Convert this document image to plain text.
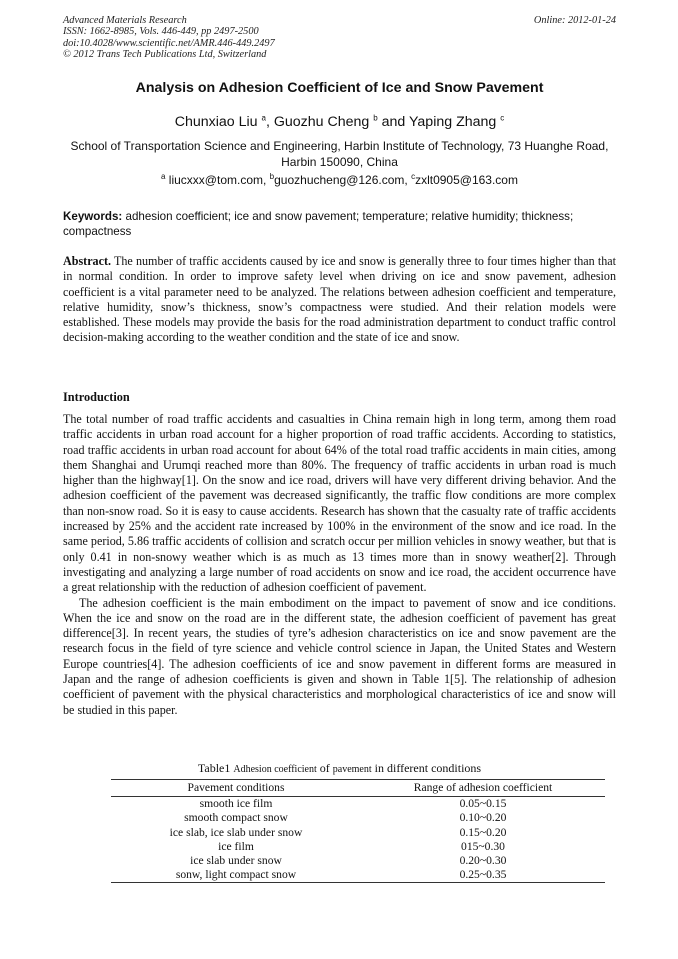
Advanced Materials Research
ISSN: 1662-8985, Vols. 446-449, pp 2497-2500
doi:10.4028/www.scientific.net/AMR.446-449.2497
© 2012 Trans Tech Publications Ltd, Switzerland
Online: 2012-01-24
Analysis on Adhesion Coefficient of Ice and Snow Pavement
Chunxiao Liu $^a$, Guozhu Cheng $^b$ and Yaping Zhang $^c$
School of Transportation Science and Engineering, Harbin Institute of Technology, 73 Huanghe Road, Harbin 150090, China
$^a$ liucxxx@tom.com, $^b$guozhucheng@126.com, $^c$zxlt0905@163.com
Keywords: adhesion coefficient; ice and snow pavement; temperature; relative humidity; thickness; compactness
Abstract. The number of traffic accidents caused by ice and snow is generally three to four times higher than that in normal condition. In order to improve safety level when driving on ice and snow pavement, adhesion coefficient is a vital parameter need to be analyzed. The relations between adhesion coefficient and temperature, relative humidity, snow’s thickness, snow’s compactness were studied. And their relation models were established. These models may provide the basis for the road administration department to conduct traffic control decision-making according to the weather condition and the state of ice and snow.
Introduction

The total number of road traffic accidents and casualties in China remain high in long term, among them road traffic accidents in urban road account for a higher proportion of road traffic accidents. According to statistics, road traffic accidents in urban road account for about 64% of the total road traffic accidents in main cities, among them Shanghai and Urumqi reached more than 80%. The frequency of traffic accidents in urban road is much higher than the highway[1]. On the snow and ice road, drivers will have very different driving behavior. And the adhesion coefficient of the pavement was decreased significantly, the traffic flow conditions are more complex than non-snow road. So it is easy to cause accidents. Research has shown that the casualty rate of traffic accidents increased by 25% and the accident rate increased by 100% in the environment of the snow and ice road. In the same period, 5.86 traffic accidents of collision and scratch occur per million vehicles in snowy weather, but that is only 0.41 in non-snowy weather which is as much as 13 times more than in snowy weather[2]. Through investigating and analyzing a large number of road accidents on snow and ice road, the accident occurrence have a great relationship with the reduction of adhesion coefficient of pavement.

The adhesion coefficient is the main embodiment on the impact to pavement of snow and ice conditions. When the ice and snow on the road are in the different state, the adhesion coefficient of pavement has great difference[3]. In recent years, the studies of tyre’s adhesion characteristics on ice and snow pavement are the research focus in the field of tyre science and vehicle control science in Japan, the United States and Western Europe countries[4]. The adhesion coefficients of ice and snow pavement in different forms are measured in Japan and the range of adhesion coefficients is given and shown in Table 1[5]. The relationship of adhesion coefficient of pavement with the physical characteristics and morphological characteristics of ice and snow will be studied in this paper.

Table1 Adhesion coefficient of pavement in different conditions
Pavement conditions	Range of adhesion coefficient
smooth ice film	0.05~0.15
smooth compact snow	0.10~0.20
ice slab, ice slab under snow	0.15~0.20
ice film	015~0.30
ice slab under snow	0.20~0.30
sonw, light compact snow	0.25~0.35
